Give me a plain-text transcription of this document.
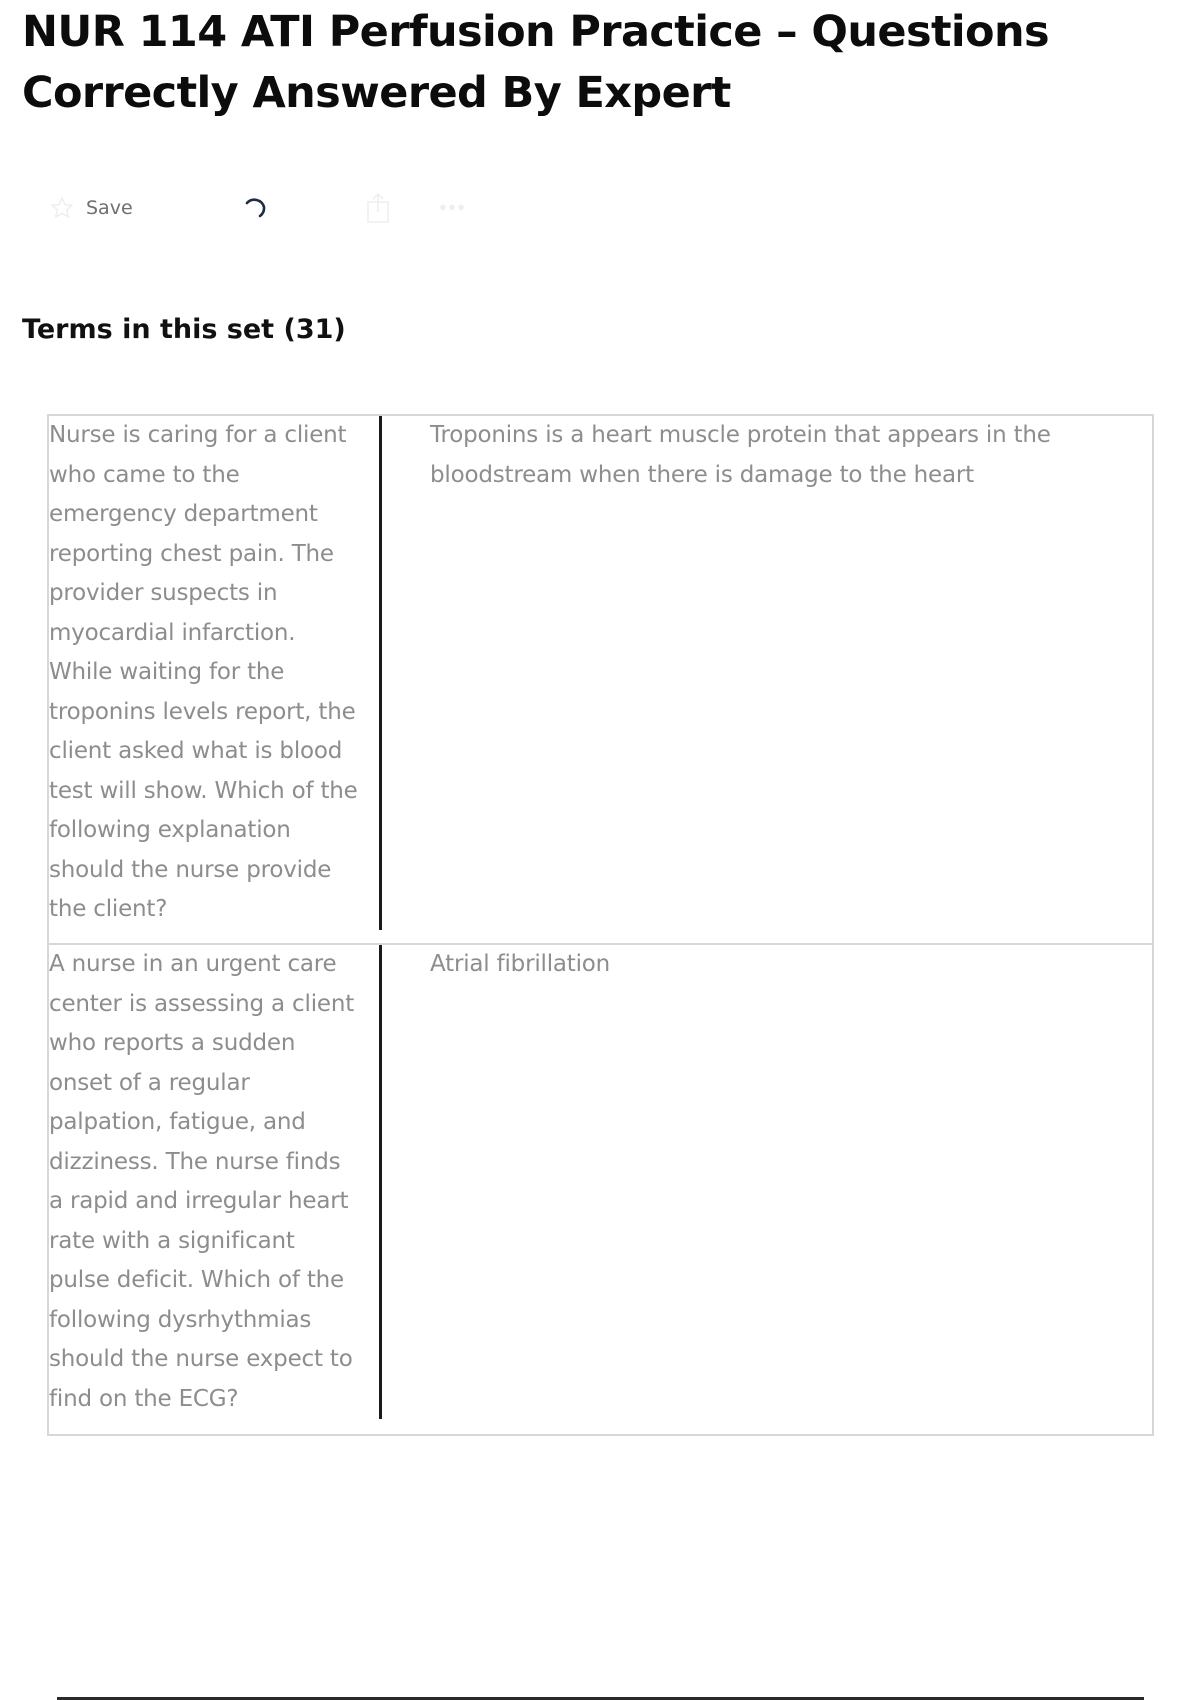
NUR 114 ATI Perfusion Practice – Questions Correctly Answered By Expert
Save	•••
Terms in this set (31)

Nurse is caring for a client who came to the emergency department reporting chest pain. The provider suspects in myocardial infarction. While waiting for the troponins levels report, the client asked what is blood test will show. Which of the following explanation should the nurse provide the client?

Troponins is a heart muscle protein that appears in the bloodstream when there is damage to the heart

A nurse in an urgent care center is assessing a client who reports a sudden onset of a regular palpation, fatigue, and dizziness. The nurse finds a rapid and irregular heart rate with a significant pulse deficit. Which of the following dysrhythmias should the nurse expect to find on the ECG?

Atrial fibrillation
